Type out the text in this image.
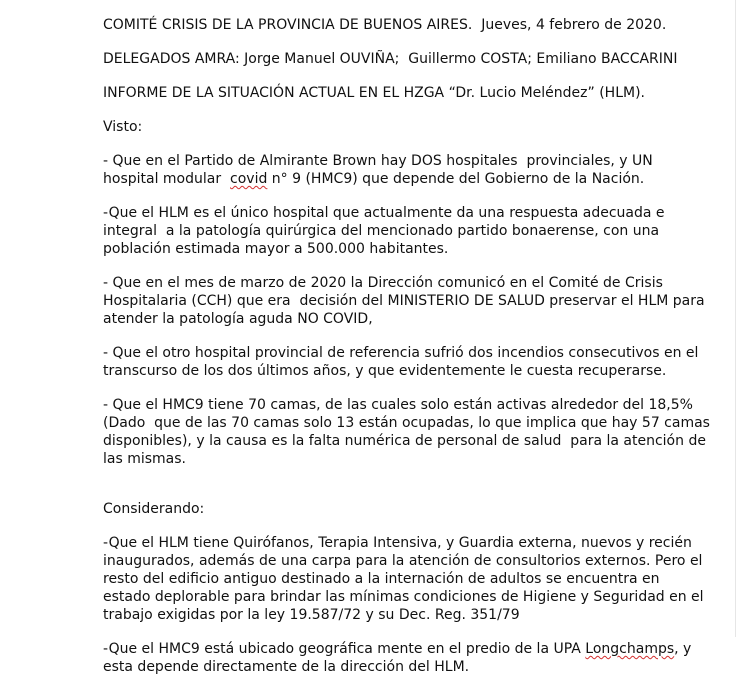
COMITÉ CRISIS DE LA PROVINCIA DE BUENOS AIRES.  Jueves, 4 febrero de 2020.

DELEGADOS AMRA: Jorge Manuel OUVIÑA;  Guillermo COSTA; Emiliano BACCARINI

INFORME DE LA SITUACIÓN ACTUAL EN EL HZGA “Dr. Lucio Meléndez” (HLM).

Visto:

- Que en el Partido de Almirante Brown hay DOS hospitales  provinciales, y UN

hospital modular  covid n° 9 (HMC9) que depende del Gobierno de la Nación.

-Que el HLM es el único hospital que actualmente da una respuesta adecuada e

integral  a la patología quirúrgica del mencionado partido bonaerense, con una

población estimada mayor a 500.000 habitantes.

- Que en el mes de marzo de 2020 la Dirección comunicó en el Comité de Crisis

Hospitalaria (CCH) que era  decisión del MINISTERIO DE SALUD preservar el HLM para

atender la patología aguda NO COVID,

- Que el otro hospital provincial de referencia sufrió dos incendios consecutivos en el

transcurso de los dos últimos años, y que evidentemente le cuesta recuperarse.

- Que el HMC9 tiene 70 camas, de las cuales solo están activas alrededor del 18,5%

(Dado  que de las 70 camas solo 13 están ocupadas, lo que implica que hay 57 camas

disponibles), y la causa es la falta numérica de personal de salud  para la atención de

las mismas.

Considerando:

-Que el HLM tiene Quirófanos, Terapia Intensiva, y Guardia externa, nuevos y recién

inaugurados, además de una carpa para la atención de consultorios externos. Pero el

resto del edificio antiguo destinado a la internación de adultos se encuentra en

estado deplorable para brindar las mínimas condiciones de Higiene y Seguridad en el

trabajo exigidas por la ley 19.587/72 y su Dec. Reg. 351/79

-Que el HMC9 está ubicado geográfica mente en el predio de la UPA Longchamps, y

esta depende directamente de la dirección del HLM.
